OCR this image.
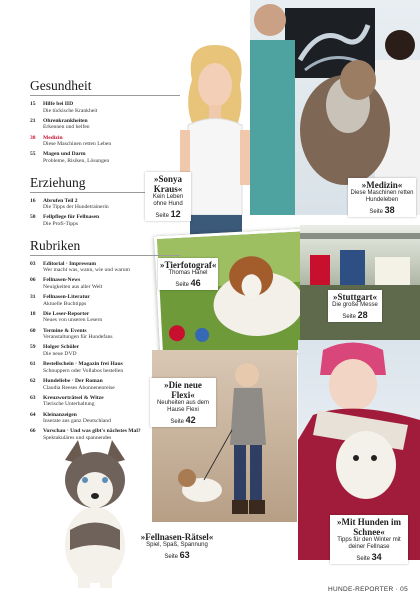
Gesundheit
15	Hilfe bei IID
Die tückische Krankheit
21	Ohrenkrankheiten
Erkennen und helfen
38	Medizin
Diese Maschinen retten Leben
55	Magen und Darm
Probleme, Risiken, Lösungen
Erziehung
16	Abrufen Teil 2
Die Tipps der Hundetrainerin
50	Fellpflege für Fellnasen
Die Profi-Tipps
Rubriken
03	Editorial · Impressum
Wer macht was, wann, wie und warum
06	Fellnasen-News
Neuigkeiten aus aller Welt
31	Fellnasen-Literatur
Aktuelle Buchtipps
18	Die Leser-Reporter
Neues von unseren Lesern
60	Termine & Events
Veranstaltungen für Hundefans
59	Holger Schüler
Die neue DVD
61	Bestellschein · Magazin frei Haus
Schnuppern oder Vollabos bestellen
62	Hundeliebe · Der Roman
Claudia Reeses Abonnenenreise
63	Kreuzworträtsel & Witze
Tierische Unterhaltung
64	Kleinanzeigen
Inserate aus ganz Deutschland
66	Vorschau · Und was gibt's nächstes Mal?
Spektakuläres und spannendes
»Sonya Kraus«
Kein Leben ohne Hund
Seite 12
»Medizin«
Diese Maschinen retten Hundeleben
Seite 38
»Tierfotograf«
Thomas Hanel
Seite 46
»Stuttgart«
Die große Messe
Seite 28
»Die neue Flexi«
Neuheiten aus dem Hause Flexi
Seite 42
»Fellnasen-Rätsel«
Spiel, Spaß, Spannung
Seite 63
»Mit Hunden im Schnee«
Tipps für den Winter mit deiner Fellnase
Seite 34
HUNDE-REPORTER · 05
